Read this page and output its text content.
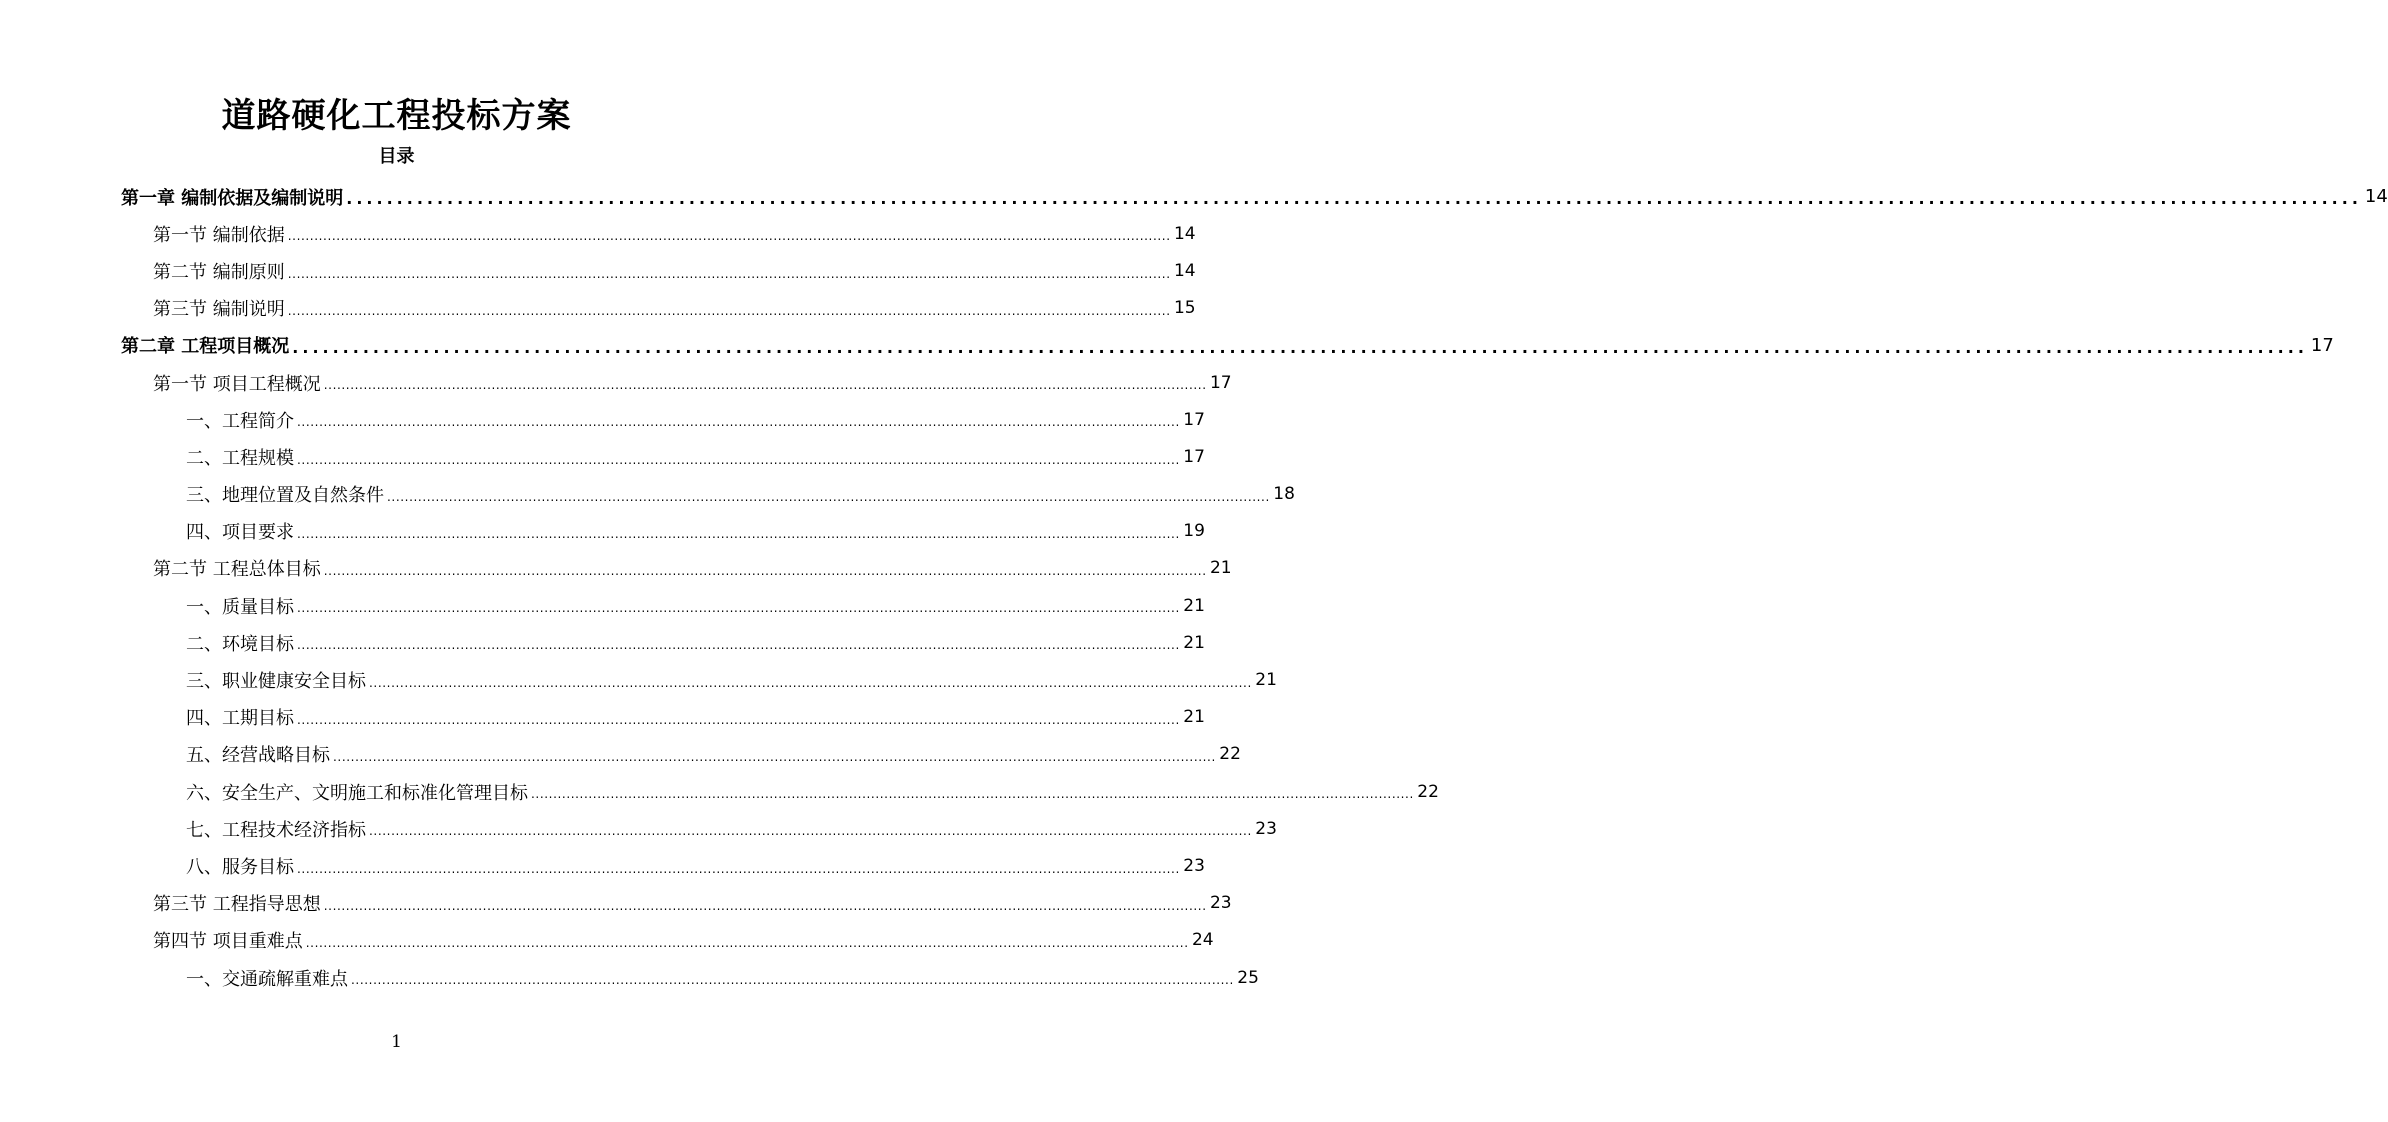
道路硬化工程投标方案
目录
第一章 编制依据及编制说明 ........................................................................................................................................................................................................ 14
第一节 编制依据 ........................................................................................................................................................................................................ 14
第二节 编制原则 ........................................................................................................................................................................................................ 14
第三节 编制说明 ........................................................................................................................................................................................................ 15
第二章 工程项目概况 ........................................................................................................................................................................................................ 17
第一节 项目工程概况 ........................................................................................................................................................................................................ 17
一、工程简介 ........................................................................................................................................................................................................ 17
二、工程规模 ........................................................................................................................................................................................................ 17
三、地理位置及自然条件 ........................................................................................................................................................................................................ 18
四、项目要求 ........................................................................................................................................................................................................ 19
第二节 工程总体目标 ........................................................................................................................................................................................................ 21
一、质量目标 ........................................................................................................................................................................................................ 21
二、环境目标 ........................................................................................................................................................................................................ 21
三、职业健康安全目标 ........................................................................................................................................................................................................ 21
四、工期目标 ........................................................................................................................................................................................................ 21
五、经营战略目标 ........................................................................................................................................................................................................ 22
六、安全生产、文明施工和标准化管理目标 ........................................................................................................................................................................................................ 22
七、工程技术经济指标 ........................................................................................................................................................................................................ 23
八、服务目标 ........................................................................................................................................................................................................ 23
第三节 工程指导思想 ........................................................................................................................................................................................................ 23
第四节 项目重难点 ........................................................................................................................................................................................................ 24
一、交通疏解重难点 ........................................................................................................................................................................................................ 25
1
